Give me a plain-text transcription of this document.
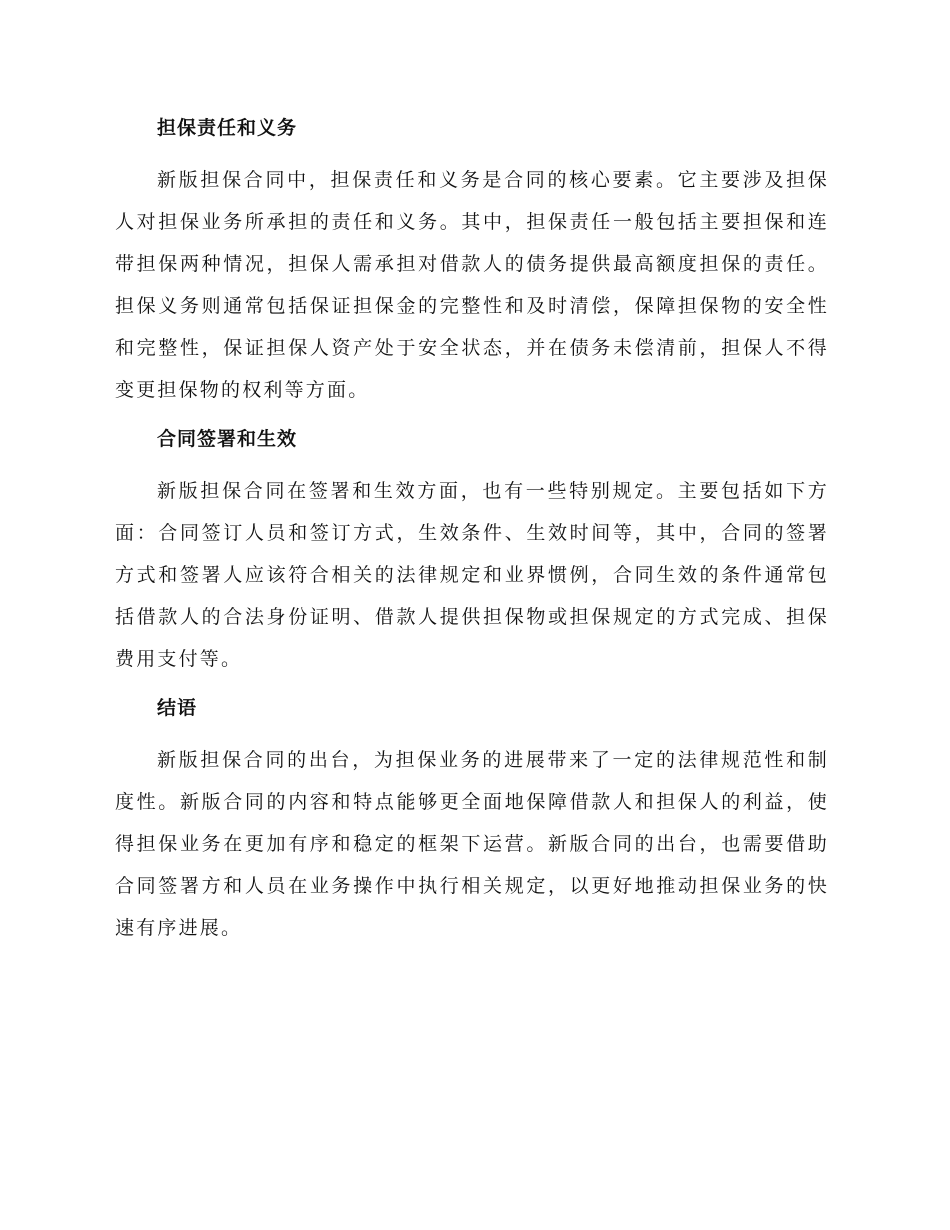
担保责任和义务

新版担保合同中，担保责任和义务是合同的核心要素。它主要涉及担保人对担保业务所承担的责任和义务。其中，担保责任一般包括主要担保和连带担保两种情况，担保人需承担对借款人的债务提供最高额度担保的责任。担保义务则通常包括保证担保金的完整性和及时清偿，保障担保物的安全性和完整性，保证担保人资产处于安全状态，并在债务未偿清前，担保人不得变更担保物的权利等方面。

合同签署和生效

新版担保合同在签署和生效方面，也有一些特别规定。主要包括如下方面：合同签订人员和签订方式，生效条件、生效时间等，其中，合同的签署方式和签署人应该符合相关的法律规定和业界惯例，合同生效的条件通常包括借款人的合法身份证明、借款人提供担保物或担保规定的方式完成、担保费用支付等。

结语

新版担保合同的出台，为担保业务的进展带来了一定的法律规范性和制度性。新版合同的内容和特点能够更全面地保障借款人和担保人的利益，使得担保业务在更加有序和稳定的框架下运营。新版合同的出台，也需要借助合同签署方和人员在业务操作中执行相关规定，以更好地推动担保业务的快速有序进展。
